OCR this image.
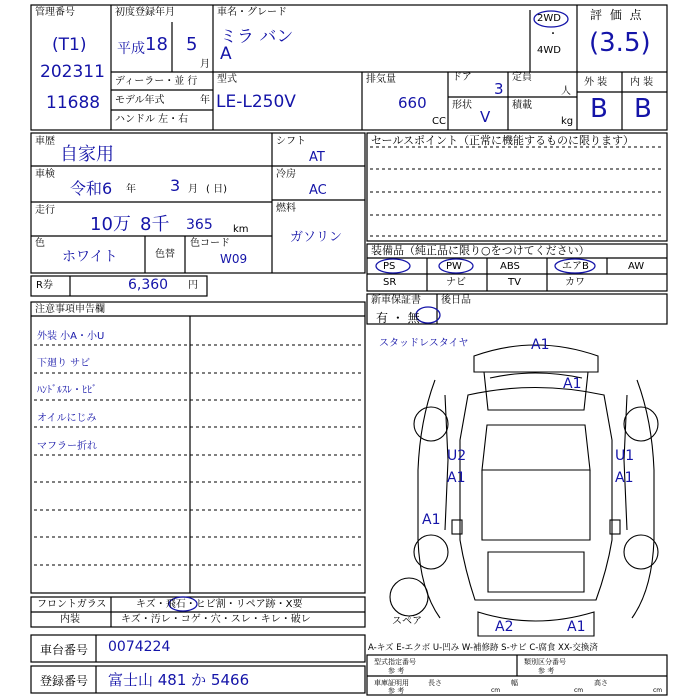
管理番号
(T1)
202311
11688
初度登録年月
平成 18 5
月
車名・グレード
ミラ バン
A
2WD
・
4WD
評 価 点
(3.5)
ディーラー・並 行
モデル年式	年
ハンドル 左・右
型式
LE-L250V
排気量
660
CC
ドア
3
定員
人
形状
V
積載
kg
外 装 内 装
B B
車歴
自家用
車検
令和6 年 3 月 ( 日)
走行
10万 8千 365 km
色
ホワイト	色替
色コード
W09
シフト
AT
冷房
AC
燃料
ガソリン
R券	6,360 円
セールスポイント（正常に機能するものに限ります）
装備品（純正品に限り○をつけてください）
PS	PW	ABS	エアB	AW
SR	ナビ	TV	カワ
新車保証書
有 ・ 無
後日品
注意事項申告欄
外装 小A・小U
下廻り サビ
ﾊﾝﾄﾞﾙｽﾚ・ﾋﾋﾞ
オイルにじみ
マフラー折れ
スタッドレスタイヤ
スペア
A1
A1
U2
A1
U1
A1
A1
A2	A1
フロントガラス	キズ・飛石・ヒビ割・リペア跡・X要
内装	キズ・汚レ・コゲ・穴・スレ・キレ・破レ
車台番号 0074224
登録番号 富士山 481 か 5466
A-キズ E-エクボ U-凹み W-補修跡 S-サビ C-腐食 XX-交換済
型式指定番号
参 考
類別区分番号
参 考
車庫証明用
参 考
長さ
cm
幅
cm
高さ
cm
